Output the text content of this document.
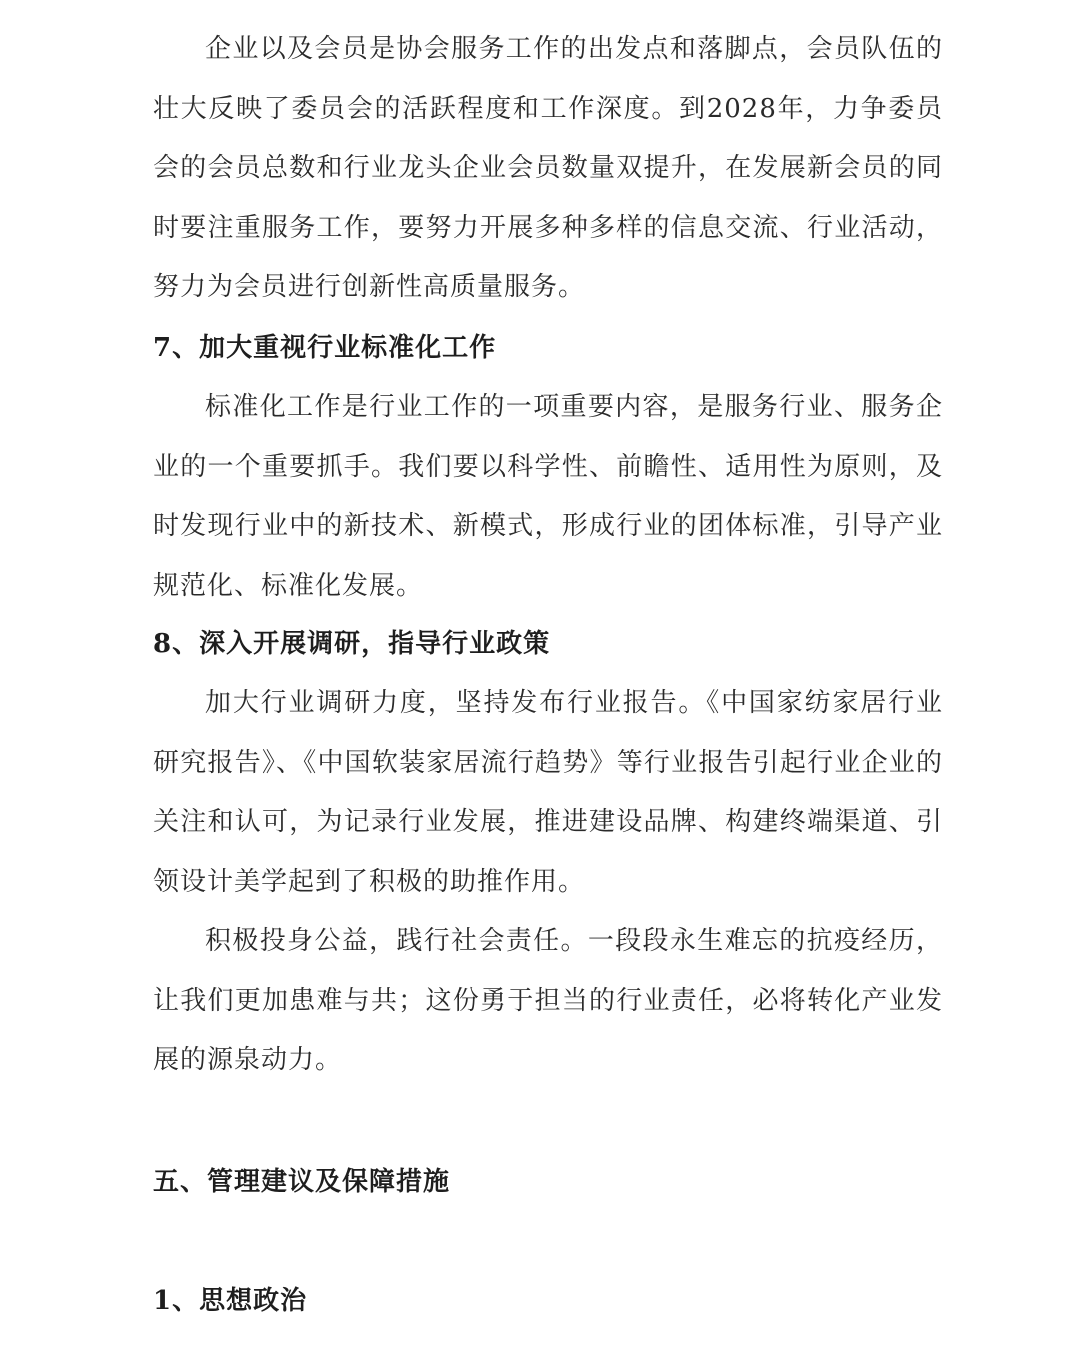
企业以及会员是协会服务工作的出发点和落脚点，会员队伍的壮大反映了委员会的活跃程度和工作深度。到2028年，力争委员会的会员总数和行业龙头企业会员数量双提升，在发展新会员的同时要注重服务工作，要努力开展多种多样的信息交流、行业活动，努力为会员进行创新性高质量服务。

7、加大重视行业标准化工作

标准化工作是行业工作的一项重要内容，是服务行业、服务企业的一个重要抓手。我们要以科学性、前瞻性、适用性为原则，及时发现行业中的新技术、新模式，形成行业的团体标准，引导产业规范化、标准化发展。

8、深入开展调研，指导行业政策

加大行业调研力度，坚持发布行业报告。《中国家纺家居行业研究报告》、《中国软装家居流行趋势》等行业报告引起行业企业的关注和认可，为记录行业发展，推进建设品牌、构建终端渠道、引领设计美学起到了积极的助推作用。

积极投身公益，践行社会责任。一段段永生难忘的抗疫经历，让我们更加患难与共；这份勇于担当的行业责任，必将转化产业发展的源泉动力。

五、管理建议及保障措施
1、思想政治
